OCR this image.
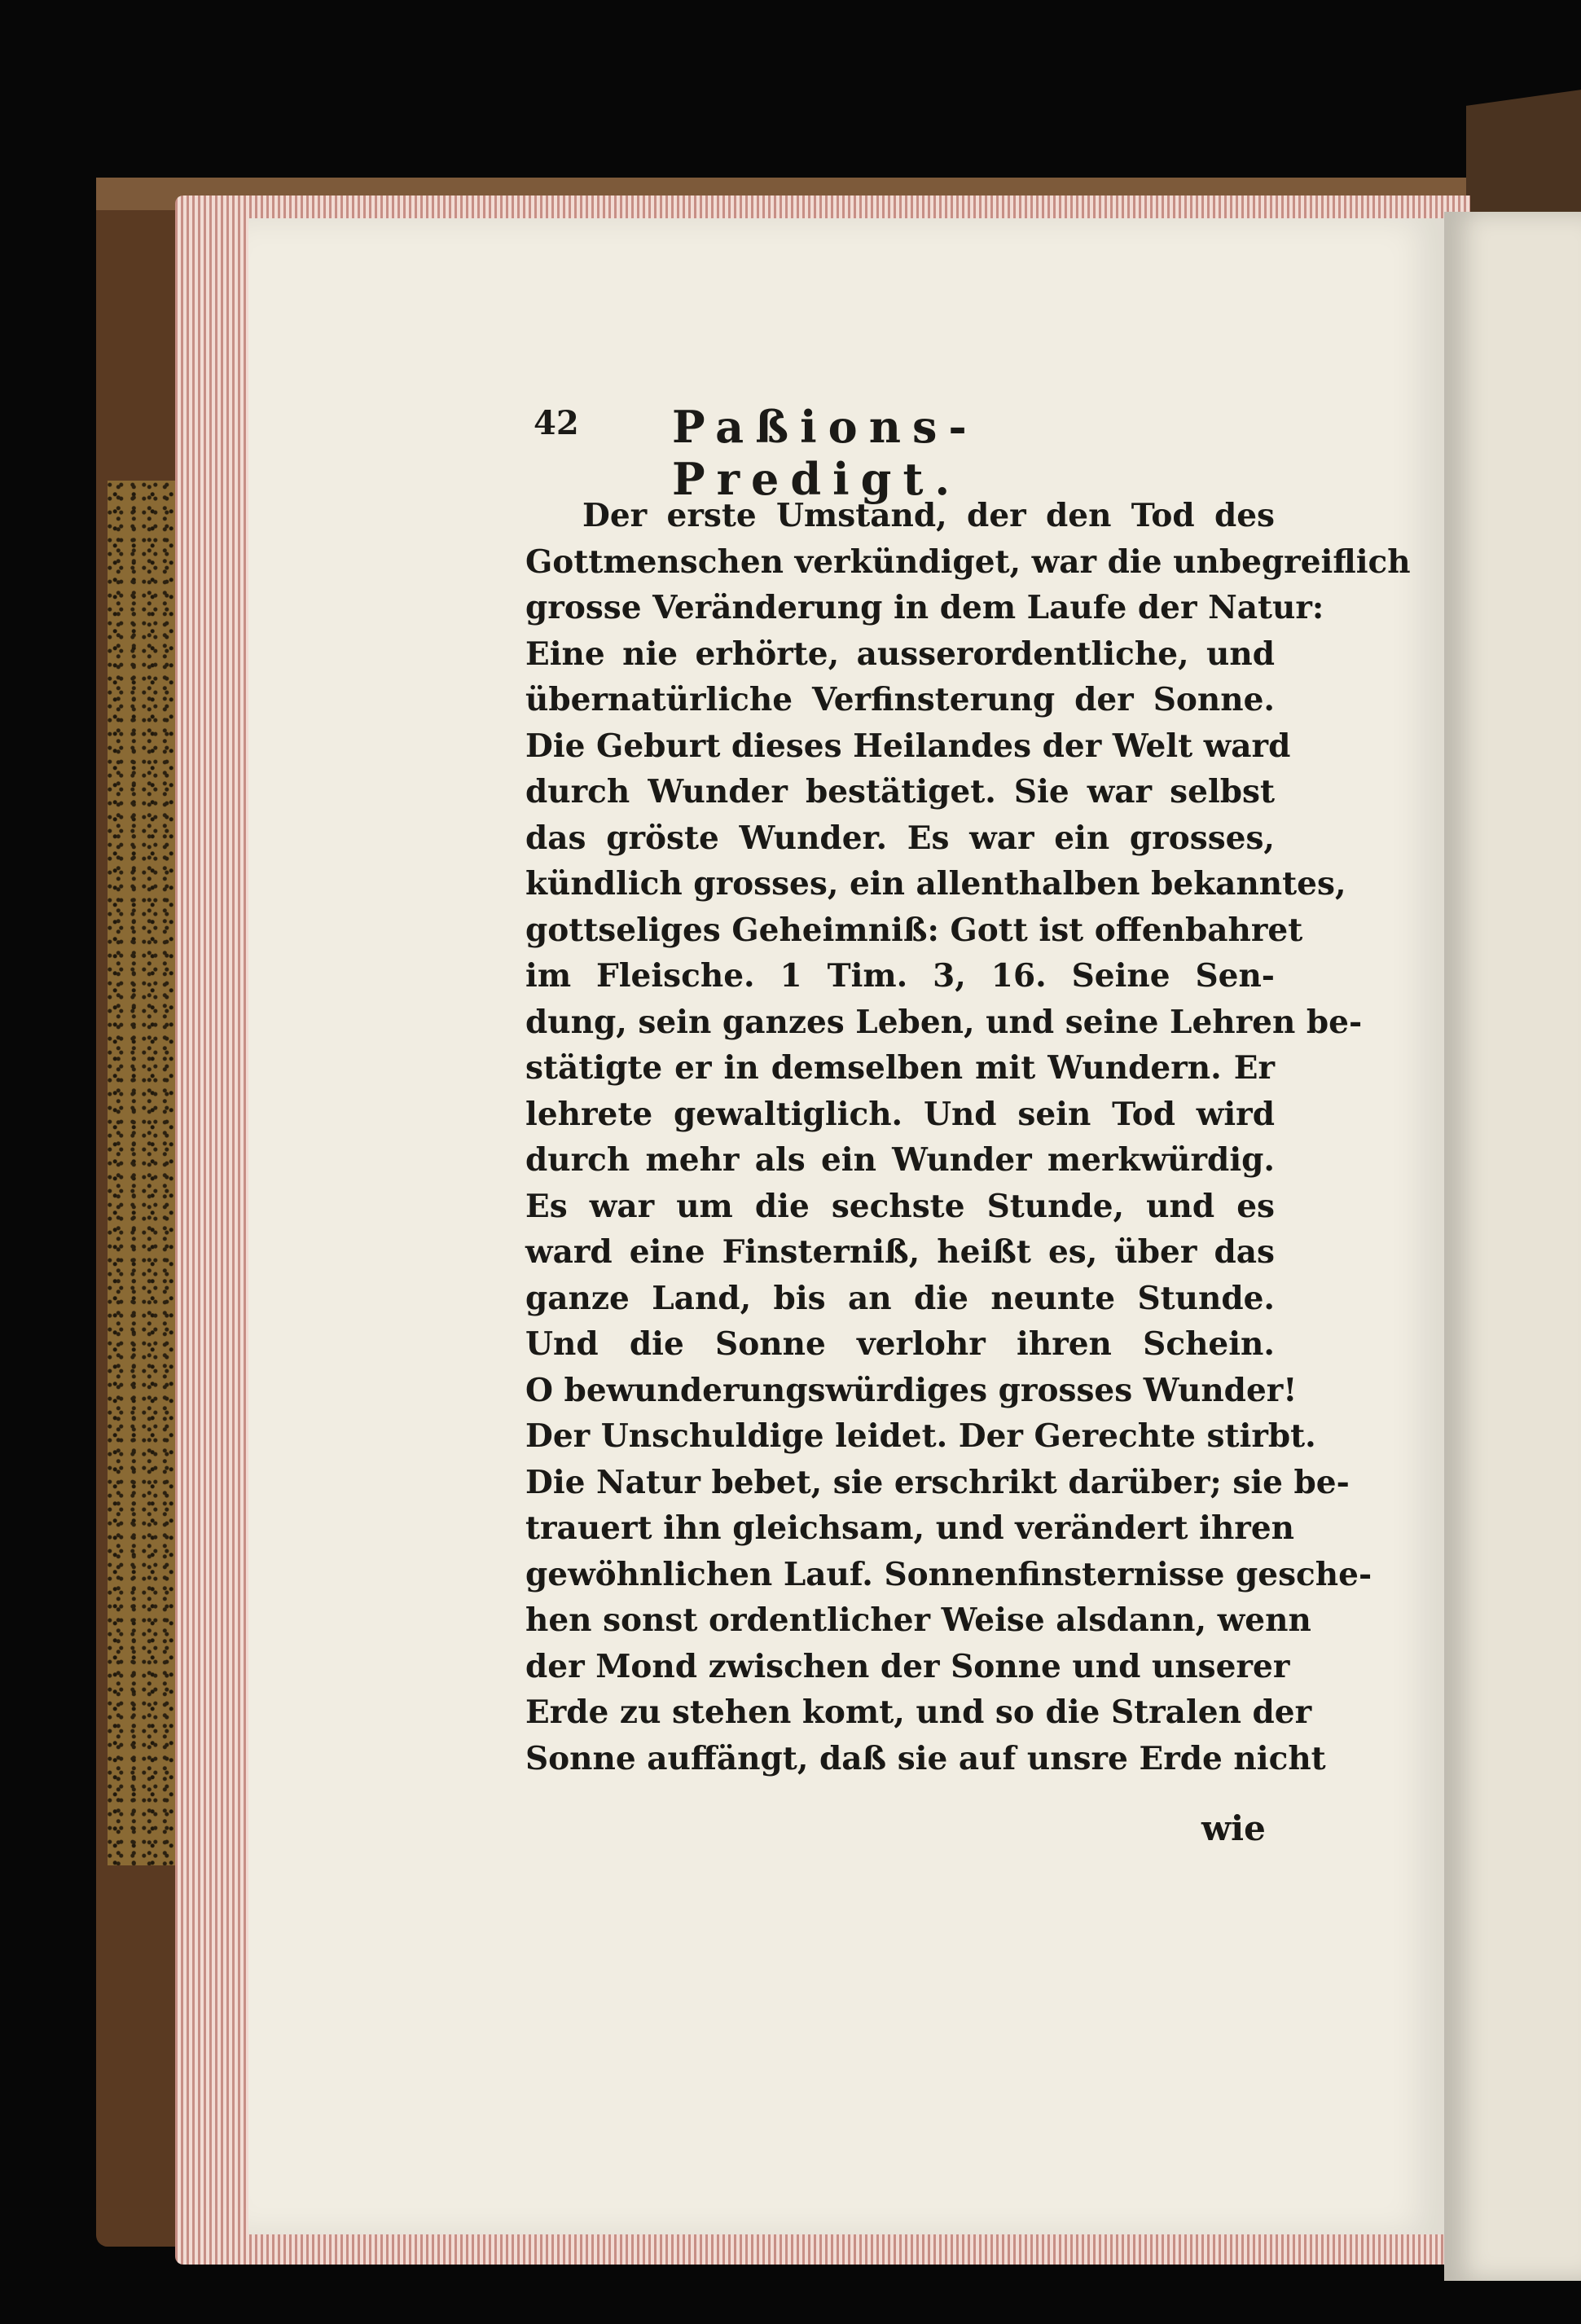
42 Paßions-Predigt.
Der erste Umstand, der den Tod des
Gottmenschen verkündiget, war die unbegreiflich
grosse Veränderung in dem Laufe der Natur:
Eine nie erhörte, ausserordentliche, und
übernatürliche Verfinsterung der Sonne.
Die Geburt dieses Heilandes der Welt ward
durch Wunder bestätiget. Sie war selbst
das gröste Wunder. Es war ein grosses,
kündlich grosses, ein allenthalben bekanntes,
gottseliges Geheimniß: Gott ist offenbahret
im Fleische. 1 Tim. 3, 16. Seine Sen-
dung, sein ganzes Leben, und seine Lehren be-
stätigte er in demselben mit Wundern. Er
lehrete gewaltiglich. Und sein Tod wird
durch mehr als ein Wunder merkwürdig.
Es war um die sechste Stunde, und es
ward eine Finsterniß, heißt es, über das
ganze Land, bis an die neunte Stunde.
Und die Sonne verlohr ihren Schein.
O bewunderungswürdiges grosses Wunder!
Der Unschuldige leidet. Der Gerechte stirbt.
Die Natur bebet, sie erschrikt darüber; sie be-
trauert ihn gleichsam, und verändert ihren
gewöhnlichen Lauf. Sonnenfinsternisse gesche-
hen sonst ordentlicher Weise alsdann, wenn
der Mond zwischen der Sonne und unserer
Erde zu stehen komt, und so die Stralen der
Sonne auffängt, daß sie auf unsre Erde nicht
wie
